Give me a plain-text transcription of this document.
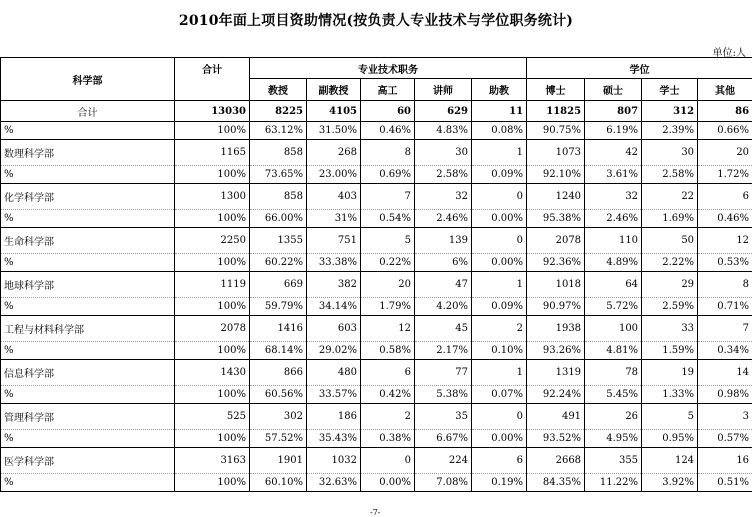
2010年面上项目资助情况(按负责人专业技术与学位职务统计)
单位:人
科学部	合计	专业技术职务					学位			
		教授	副教授	高工	讲师	助教	博士	硕士	学士	其他
合计	13030	8225	4105	60	629	11	11825	807	312	86
%	100%	63.12%	31.50%	0.46%	4.83%	0.08%	90.75%	6.19%	2.39%	0.66%
数理科学部	1165	858	268	8	30	1	1073	42	30	20
%	100%	73.65%	23.00%	0.69%	2.58%	0.09%	92.10%	3.61%	2.58%	1.72%
化学科学部	1300	858	403	7	32	0	1240	32	22	6
%	100%	66.00%	31%	0.54%	2.46%	0.00%	95.38%	2.46%	1.69%	0.46%
生命科学部	2250	1355	751	5	139	0	2078	110	50	12
%	100%	60.22%	33.38%	0.22%	6%	0.00%	92.36%	4.89%	2.22%	0.53%
地球科学部	1119	669	382	20	47	1	1018	64	29	8
%	100%	59.79%	34.14%	1.79%	4.20%	0.09%	90.97%	5.72%	2.59%	0.71%
工程与材料科学部	2078	1416	603	12	45	2	1938	100	33	7
%	100%	68.14%	29.02%	0.58%	2.17%	0.10%	93.26%	4.81%	1.59%	0.34%
信息科学部	1430	866	480	6	77	1	1319	78	19	14
%	100%	60.56%	33.57%	0.42%	5.38%	0.07%	92.24%	5.45%	1.33%	0.98%
管理科学部	525	302	186	2	35	0	491	26	5	3
%	100%	57.52%	35.43%	0.38%	6.67%	0.00%	93.52%	4.95%	0.95%	0.57%
医学科学部	3163	1901	1032	0	224	6	2668	355	124	16
%	100%	60.10%	32.63%	0.00%	7.08%	0.19%	84.35%	11.22%	3.92%	0.51%
-7-
